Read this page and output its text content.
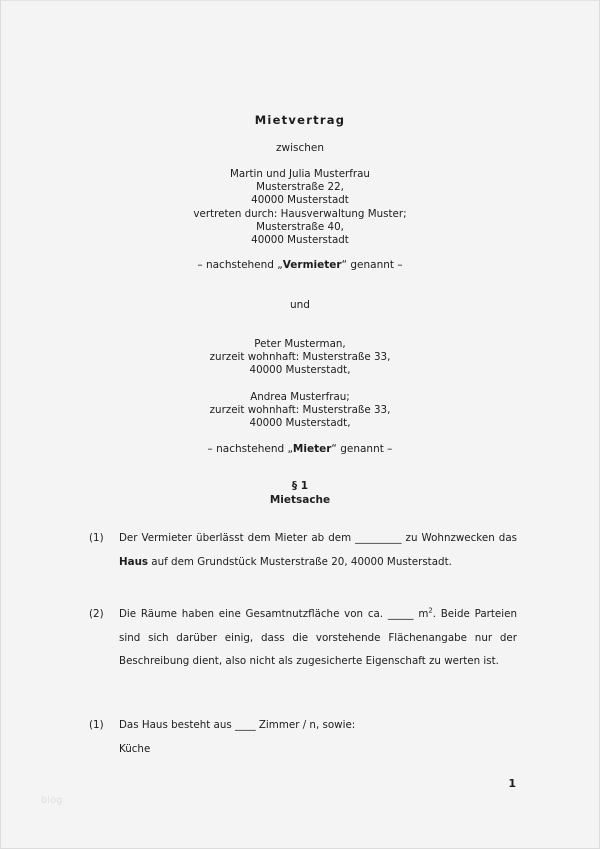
Mietvertrag
zwischen
Martin und Julia Musterfrau
Musterstraße 22,
40000 Musterstadt
vertreten durch: Hausverwaltung Muster;
Musterstraße 40,
40000 Musterstadt
– nachstehend „Vermieter“ genannt –
und
Peter Musterman,
zurzeit wohnhaft: Musterstraße 33,
40000 Musterstadt,
Andrea Musterfrau;
zurzeit wohnhaft: Musterstraße 33,
40000 Musterstadt,
– nachstehend „Mieter“ genannt –
§ 1
Mietsache
(1)	Der Vermieter überlässt dem Mieter ab dem _________ zu Wohnzwecken das Haus auf dem Grundstück Musterstraße 20, 40000 Musterstadt.
(2)	Die Räume haben eine Gesamtnutzfläche von ca. _____ $m^2$. Beide Parteien sind sich darüber einig, dass die vorstehende Flächenangabe nur der Beschreibung dient, also nicht als zugesicherte Eigenschaft zu werten ist.
(1)	Das Haus besteht aus ____ Zimmer / n, sowie:
Küche
1
blog
